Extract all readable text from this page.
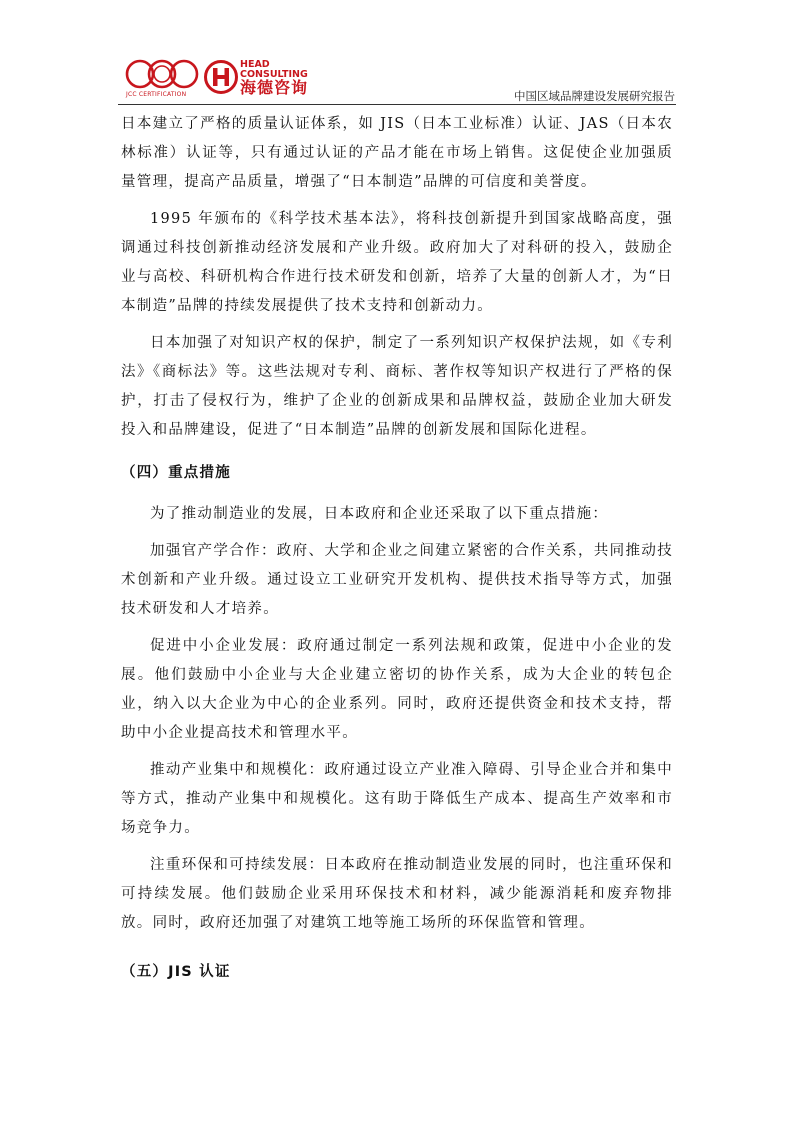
JCC CERTIFICATION
HEAD
CONSULTING
海德咨询	中国区域品牌建设发展研究报告

日本建立了严格的质量认证体系，如 JIS（日本工业标准）认证、JAS（日本农林标准）认证等，只有通过认证的产品才能在市场上销售。这促使企业加强质量管理，提高产品质量，增强了“日本制造”品牌的可信度和美誉度。

1995 年颁布的《科学技术基本法》，将科技创新提升到国家战略高度，强调通过科技创新推动经济发展和产业升级。政府加大了对科研的投入，鼓励企业与高校、科研机构合作进行技术研发和创新，培养了大量的创新人才，为“日本制造”品牌的持续发展提供了技术支持和创新动力。

日本加强了对知识产权的保护，制定了一系列知识产权保护法规，如《专利法》《商标法》等。这些法规对专利、商标、著作权等知识产权进行了严格的保护，打击了侵权行为，维护了企业的创新成果和品牌权益，鼓励企业加大研发投入和品牌建设，促进了“日本制造”品牌的创新发展和国际化进程。

（四）重点措施

为了推动制造业的发展，日本政府和企业还采取了以下重点措施：

加强官产学合作：政府、大学和企业之间建立紧密的合作关系，共同推动技术创新和产业升级。通过设立工业研究开发机构、提供技术指导等方式，加强技术研发和人才培养。

促进中小企业发展：政府通过制定一系列法规和政策，促进中小企业的发展。他们鼓励中小企业与大企业建立密切的协作关系，成为大企业的转包企业，纳入以大企业为中心的企业系列。同时，政府还提供资金和技术支持，帮助中小企业提高技术和管理水平。

推动产业集中和规模化：政府通过设立产业准入障碍、引导企业合并和集中等方式，推动产业集中和规模化。这有助于降低生产成本、提高生产效率和市场竞争力。

注重环保和可持续发展：日本政府在推动制造业发展的同时，也注重环保和可持续发展。他们鼓励企业采用环保技术和材料，减少能源消耗和废弃物排放。同时，政府还加强了对建筑工地等施工场所的环保监管和管理。

（五）JIS 认证
